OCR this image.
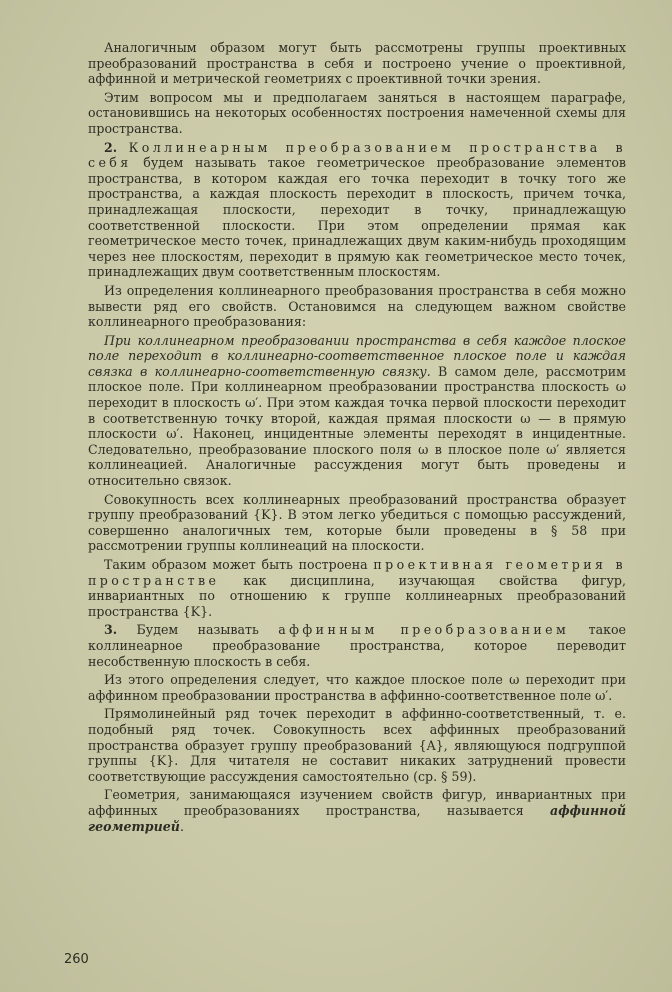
Аналогичным образом могут быть рассмотрены группы проективных преобразований пространства в себя и построено учение о проективной, аффинной и метрической геометриях с проективной точки зрения.

Этим вопросом мы и предполагаем заняться в настоящем параграфе, остановившись на некоторых особенностях построения намеченной схемы для пространства.

2. Коллинеарным преобразованием пространства в себя будем называть такое геометрическое преобразование элементов пространства, в котором каждая его точка переходит в точку того же пространства, а каждая плоскость переходит в плоскость, причем точка, принадлежащая плоскости, переходит в точку, принадлежащую соответственной плоскости. При этом определении прямая как геометрическое место точек, принадлежащих двум каким-нибудь проходящим через нее плоскостям, переходит в прямую как геометрическое место точек, принадлежащих двум соответственным плоскостям.

Из определения коллинеарного преобразования пространства в себя можно вывести ряд его свойств. Остановимся на следующем важном свойстве коллинеарного преобразования:

При коллинеарном преобразовании пространства в себя каждое плоское поле переходит в коллинеарно-соответственное плоское поле и каждая связка в коллинеарно-соответственную связку. В самом деле, рассмотрим плоское поле. При коллинеарном преобразовании пространства плоскость ω переходит в плоскость ω′. При этом каждая точка первой плоскости переходит в соответственную точку второй, каждая прямая плоскости ω — в прямую плоскости ω′. Наконец, инцидентные элементы переходят в инцидентные. Следовательно, преобразование плоского поля ω в плоское поле ω′ является коллинеацией. Аналогичные рассуждения могут быть проведены и относительно связок.

Совокупность всех коллинеарных преобразований пространства образует группу преобразований {K}. В этом легко убедиться с помощью рассуждений, совершенно аналогичных тем, которые были проведены в § 58 при рассмотрении группы коллинеаций на плоскости.

Таким образом может быть построена проективная геометрия в пространстве как дисциплина, изучающая свойства фигур, инвариантных по отношению к группе коллинеарных преобразований пространства {K}.

3. Будем называть аффинным преобразованием такое коллинеарное преобразование пространства, которое переводит несобственную плоскость в себя.

Из этого определения следует, что каждое плоское поле ω переходит при аффинном преобразовании пространства в аффинно-соответственное поле ω′.

Прямолинейный ряд точек переходит в аффинно-соответственный, т. е. подобный ряд точек. Совокупность всех аффинных преобразований пространства образует группу преобразований {A}, являющуюся подгруппой группы {K}. Для читателя не составит никаких затруднений провести соответствующие рассуждения самостоятельно (ср. § 59).

Геометрия, занимающаяся изучением свойств фигур, инвариантных при аффинных преобразованиях пространства, называется аффинной геометрией.

260
